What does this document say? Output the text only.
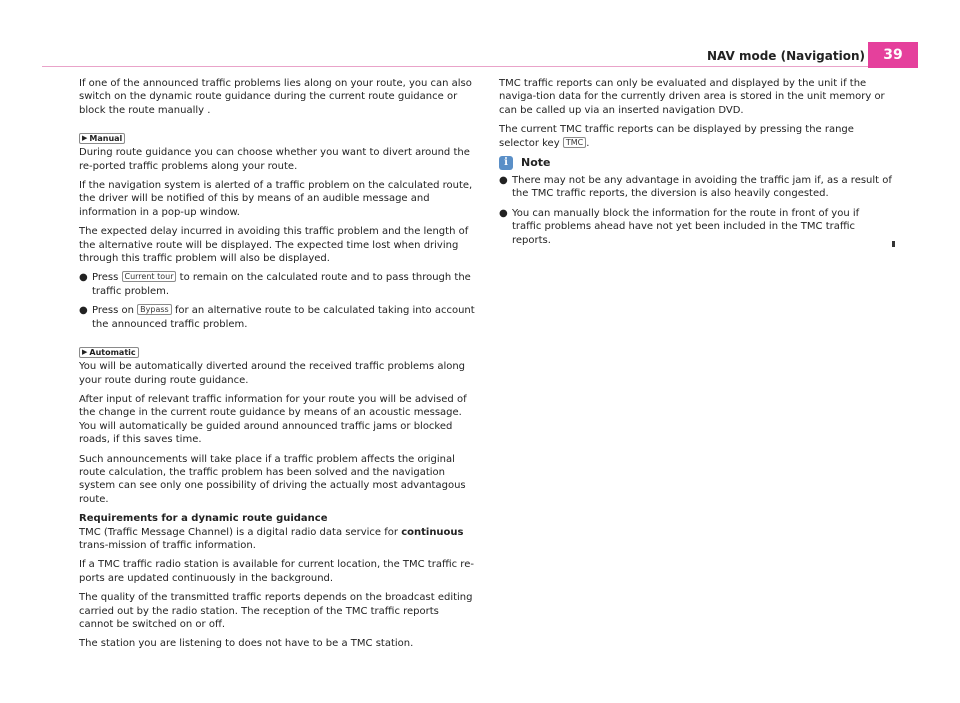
NAV mode (Navigation)	39

If one of the announced traffic problems lies along on your route, you can also switch on the dynamic route guidance during the current route guidance or block the route manually .

▶ Manual

During route guidance you can choose whether you want to divert around the re-ported traffic problems along your route.

If the navigation system is alerted of a traffic problem on the calculated route, the driver will be notified of this by means of an audible message and information in a pop-up window.

The expected delay incurred in avoiding this traffic problem and the length of the alternative route will be displayed. The expected time lost when driving through this traffic problem will also be displayed.

● Press Current tour to remain on the calculated route and to pass through the traffic problem.
● Press on Bypass for an alternative route to be calculated taking into account the announced traffic problem.
▶ Automatic

You will be automatically diverted around the received traffic problems along your route during route guidance.

After input of relevant traffic information for your route you will be advised of the change in the current route guidance by means of an acoustic message. You will automatically be guided around announced traffic jams or blocked roads, if this saves time.

Such announcements will take place if a traffic problem affects the original route calculation, the traffic problem has been solved and the navigation system can see only one possibility of driving the actually most advantagous route.

Requirements for a dynamic route guidance

TMC (Traffic Message Channel) is a digital radio data service for continuous trans-mission of traffic information.

If a TMC traffic radio station is available for current location, the TMC traffic re-ports are updated continuously in the background.

The quality of the transmitted traffic reports depends on the broadcast editing carried out by the radio station. The reception of the TMC traffic reports cannot be switched on or off.

The station you are listening to does not have to be a TMC station.

TMC traffic reports can only be evaluated and displayed by the unit if the naviga-tion data for the currently driven area is stored in the unit memory or can be called up via an inserted navigation DVD.

The current TMC traffic reports can be displayed by pressing the range selector key TMC .

i	Note
● There may not be any advantage in avoiding the traffic jam if, as a result of the TMC traffic reports, the diversion is also heavily congested.
● You can manually block the information for the route in front of you if traffic problems ahead have not yet been included in the TMC traffic reports.
